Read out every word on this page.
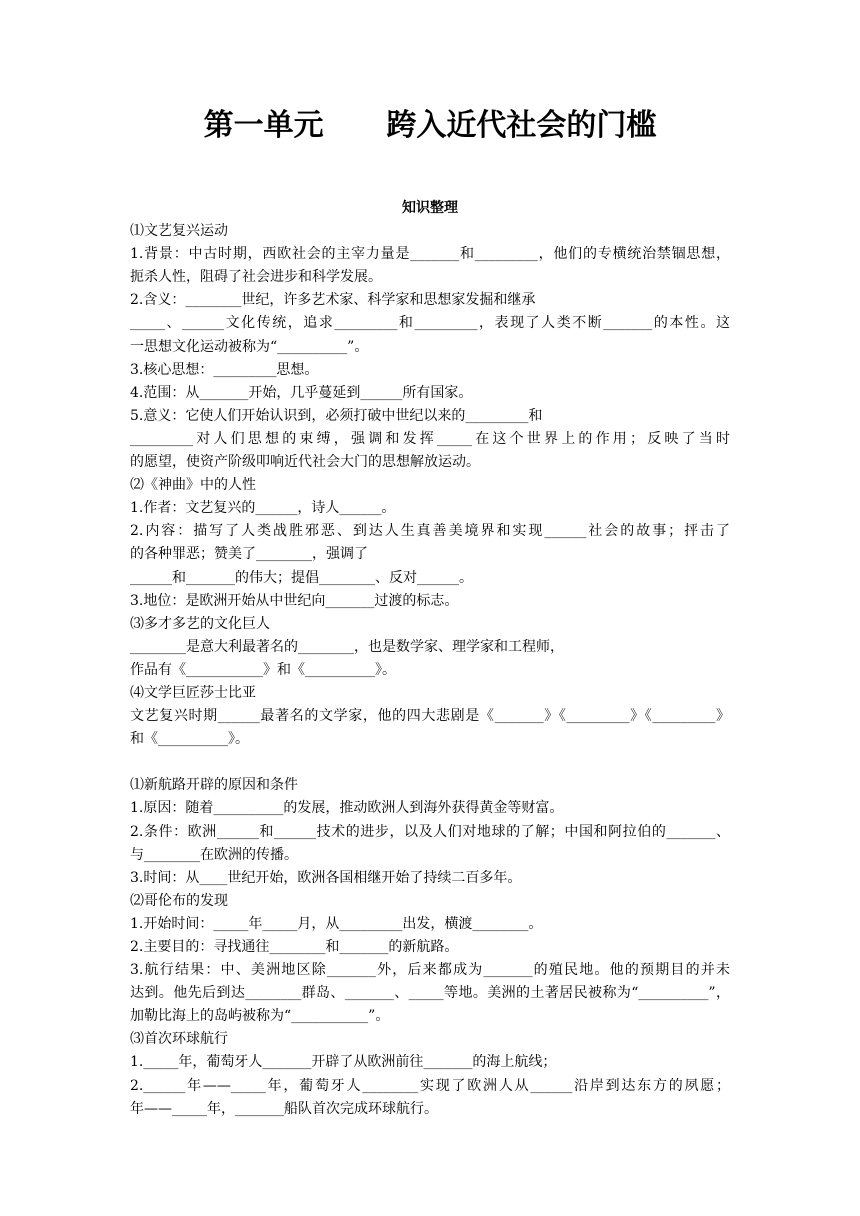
第一单元      跨入近代社会的门槛
知识整理
⑴文艺复兴运动
1.背景：中古时期，西欧社会的主宰力量是_______和_________，他们的专横统治禁锢思想，
扼杀人性，阻碍了社会进步和科学发展。
2.含义：________世纪，许多艺术家、科学家和思想家发掘和继承
_____、______文化传统，追求_________和_________，表现了人类不断_______的本性。这
一思想文化运动被称为“__________”。
3.核心思想：_________思想。
4.范围：从_______开始，几乎蔓延到______所有国家。
5.意义：它使人们开始认识到，必须打破中世纪以来的_________和
_________对人们思想的束缚，强调和发挥_____在这个世界上的作用；反映了当时
的愿望，使资产阶级叩响近代社会大门的思想解放运动。
⑵《神曲》中的人性
1.作者：文艺复兴的______，诗人______。
2.内容：描写了人类战胜邪恶、到达人生真善美境界和实现______社会的故事；抨击了
的各种罪恶；赞美了________，强调了
______和_______的伟大；提倡________、反对______。
3.地位：是欧洲开始从中世纪向_______过渡的标志。
⑶多才多艺的文化巨人
________是意大利最著名的________，也是数学家、理学家和工程师，
作品有《___________》和《__________》。
⑷文学巨匠莎士比亚
文艺复兴时期______最著名的文学家，他的四大悲剧是《_______》《_________》《_________》
和《__________》。
⑴新航路开辟的原因和条件
1.原因：随着__________的发展，推动欧洲人到海外获得黄金等财富。
2.条件：欧洲______和______技术的进步，以及人们对地球的了解；中国和阿拉伯的_______、
与________在欧洲的传播。
3.时间：从____世纪开始，欧洲各国相继开始了持续二百多年。
⑵哥伦布的发现
1.开始时间：_____年_____月，从_________出发，横渡________。
2.主要目的：寻找通往________和_______的新航路。
3.航行结果：中、美洲地区除_______外，后来都成为_______的殖民地。他的预期目的并未
达到。他先后到达________群岛、_______、_____等地。美洲的土著居民被称为“__________”，
加勒比海上的岛屿被称为“___________”。
⑶首次环球航行
1._____年，葡萄牙人_______开辟了从欧洲前往_______的海上航线；
2.______年——_____年，葡萄牙人________实现了欧洲人从______沿岸到达东方的夙愿；
年——_____年，_______船队首次完成环球航行。
